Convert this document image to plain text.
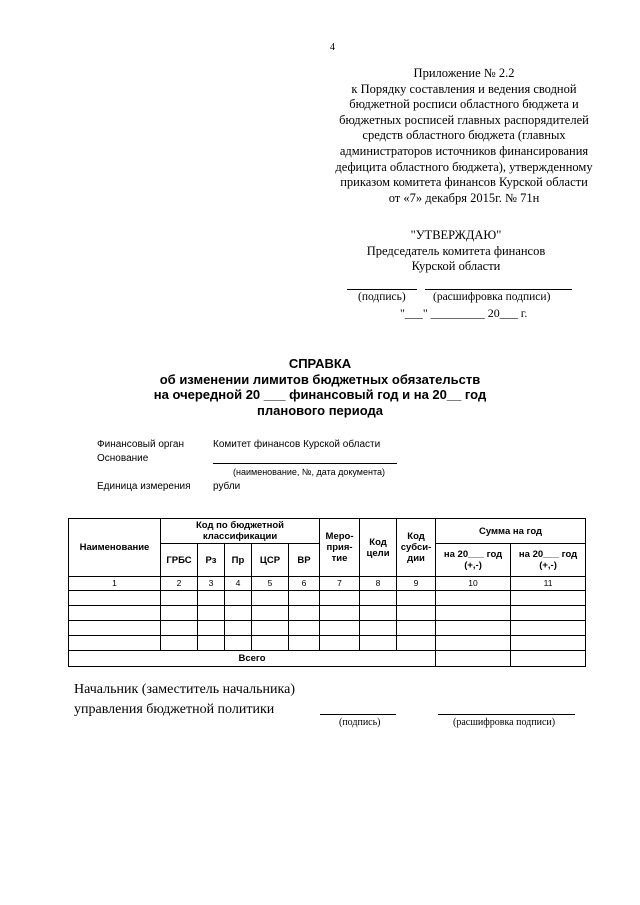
4
Приложение № 2.2
к Порядку составления и ведения сводной
бюджетной росписи областного бюджета и
бюджетных росписей главных распорядителей
средств областного бюджета (главных
администраторов источников финансирования
дефицита областного бюджета), утвержденному
приказом комитета финансов Курской области
от «7» декабря 2015г. № 71н
"УТВЕРЖДАЮ"
Председатель комитета финансов
Курской области
(подпись) (расшифровка подписи)
"___" _________ 20___ г.
СПРАВКА
об изменении лимитов бюджетных обязательств
на очередной 20 ___ финансовый год и на 20__ год
планового периода
Финансовый орган	Комитет финансов Курской области
Основание
(наименование, №, дата документа)
Единица измерения рубли
Наименование	Код по бюджетной классификации					Меро- прия- тие	Код цели	Код субси- дии	Сумма на год	
	ГРБС	Рз	Пр	ЦСР	ВР				на 20___ год (+,-)	на 20___ год (+,-)
1	2	3	4	5	6	7	8	9	10	11

Всего										
Начальник (заместитель начальника)
управления бюджетной политики
(подпись)	(расшифровка подписи)
